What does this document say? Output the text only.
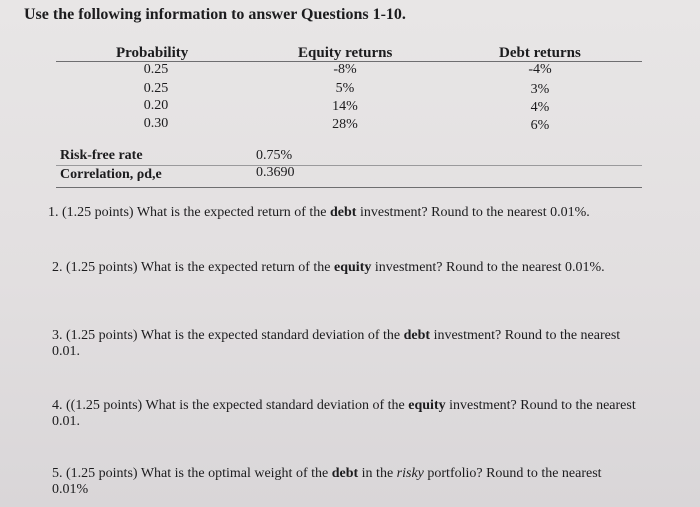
Use the following information to answer Questions 1-10.
Probability	Equity returns	Debt returns
0.25	-8%	-4%
0.25	5%	3%
0.20	14%	4%
0.30	28%	6%
Risk-free rate	0.75%
Correlation, ρd,e	0.3690
1. (1.25 points) What is the expected return of the debt investment? Round to the nearest 0.01%.
2. (1.25 points) What is the expected return of the equity investment? Round to the nearest 0.01%.
3. (1.25 points) What is the expected standard deviation of the debt investment? Round to the nearest 0.01.
4. ((1.25 points) What is the expected standard deviation of the equity investment? Round to the nearest 0.01.
5. (1.25 points) What is the optimal weight of the debt in the risky portfolio? Round to the nearest 0.01%
